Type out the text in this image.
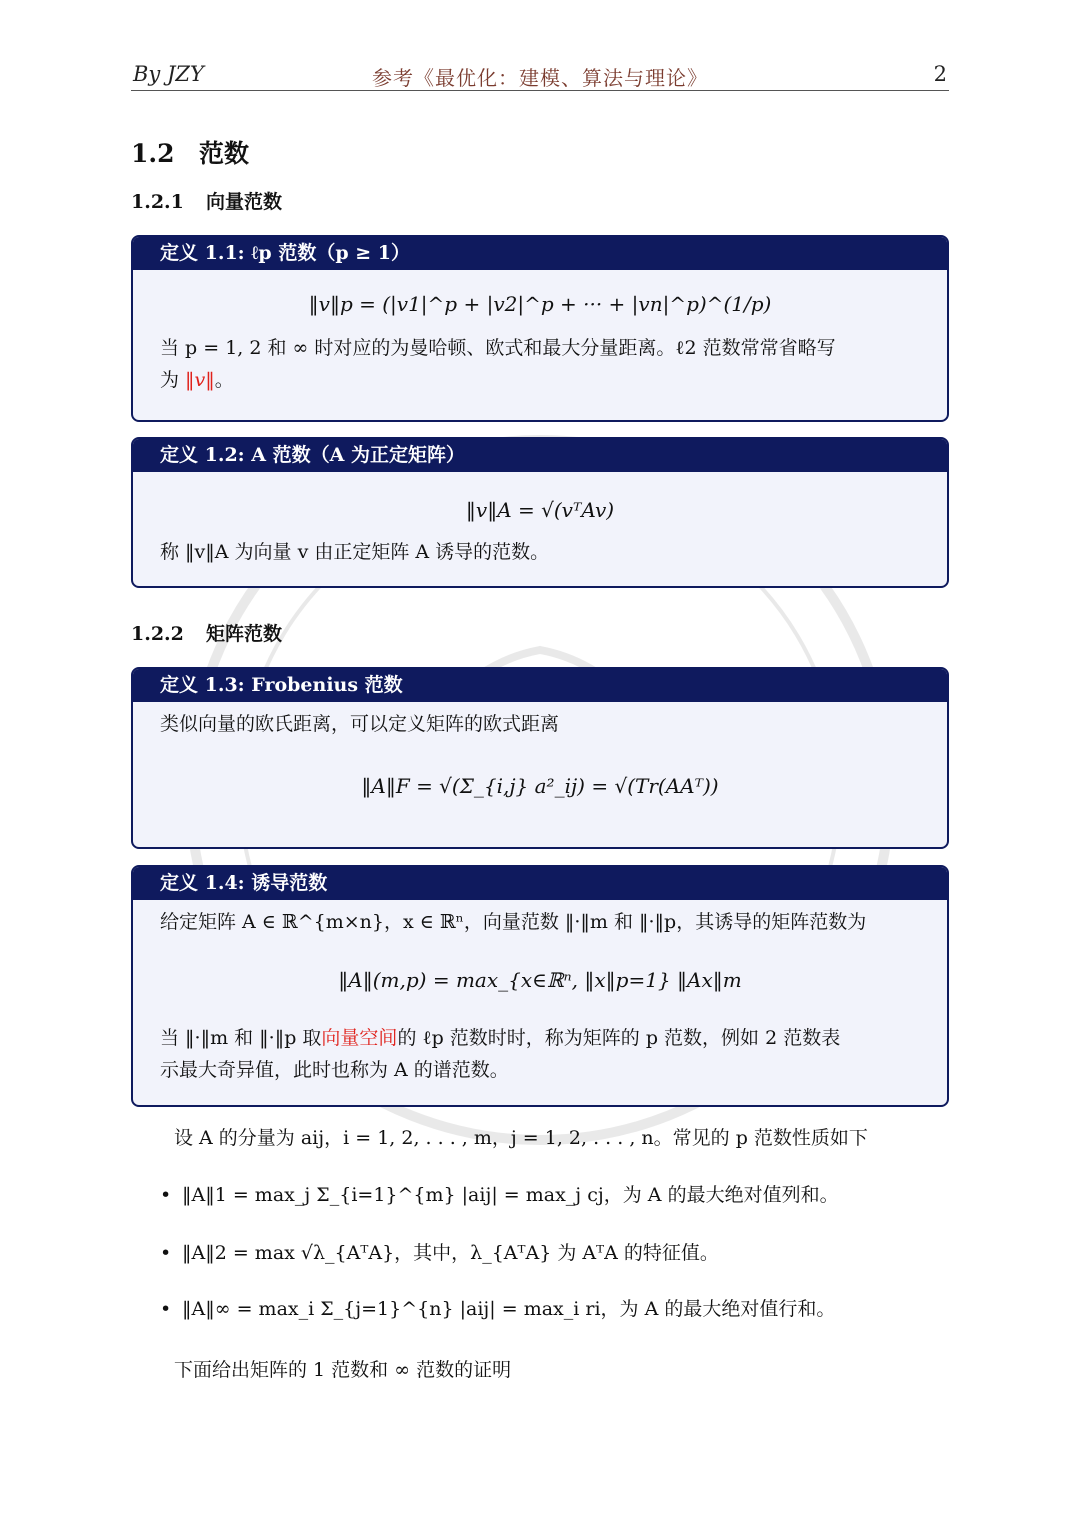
By JZY	参考《最优化：建模、算法与理论》	2
1.2 范数
1.2.1 向量范数
定义 1.1: ℓp 范数（p ≥ 1）
‖v‖p = (|v1|^p + |v2|^p + ··· + |vn|^p)^(1/p)
当 p = 1, 2 和 ∞ 时对应的为曼哈顿、欧式和最大分量距离。ℓ2 范数常常省略写
为 ‖v‖。
定义 1.2: A 范数（A 为正定矩阵）
‖v‖A = √(vᵀAv)
称 ‖v‖A 为向量 v 由正定矩阵 A 诱导的范数。
1.2.2 矩阵范数
定义 1.3: Frobenius 范数
类似向量的欧氏距离，可以定义矩阵的欧式距离
‖A‖F = √(Σ_{i,j} a²_ij) = √(Tr(AAᵀ))
定义 1.4: 诱导范数
给定矩阵 A ∈ ℝ^{m×n}，x ∈ ℝⁿ，向量范数 ‖·‖m 和 ‖·‖p，其诱导的矩阵范数为
‖A‖(m,p) = max_{x∈ℝⁿ, ‖x‖p=1} ‖Ax‖m
当 ‖·‖m 和 ‖·‖p 取向量空间的 ℓp 范数时时，称为矩阵的 p 范数，例如 2 范数表
示最大奇异值，此时也称为 A 的谱范数。
设 A 的分量为 aij，i = 1, 2, . . . , m，j = 1, 2, . . . , n。常见的 p 范数性质如下
• ‖A‖1 = max_j Σ_{i=1}^{m} |aij| = max_j cj，为 A 的最大绝对值列和。
• ‖A‖2 = max √λ_{AᵀA}，其中，λ_{AᵀA} 为 AᵀA 的特征值。
• ‖A‖∞ = max_i Σ_{j=1}^{n} |aij| = max_i ri，为 A 的最大绝对值行和。
下面给出矩阵的 1 范数和 ∞ 范数的证明
